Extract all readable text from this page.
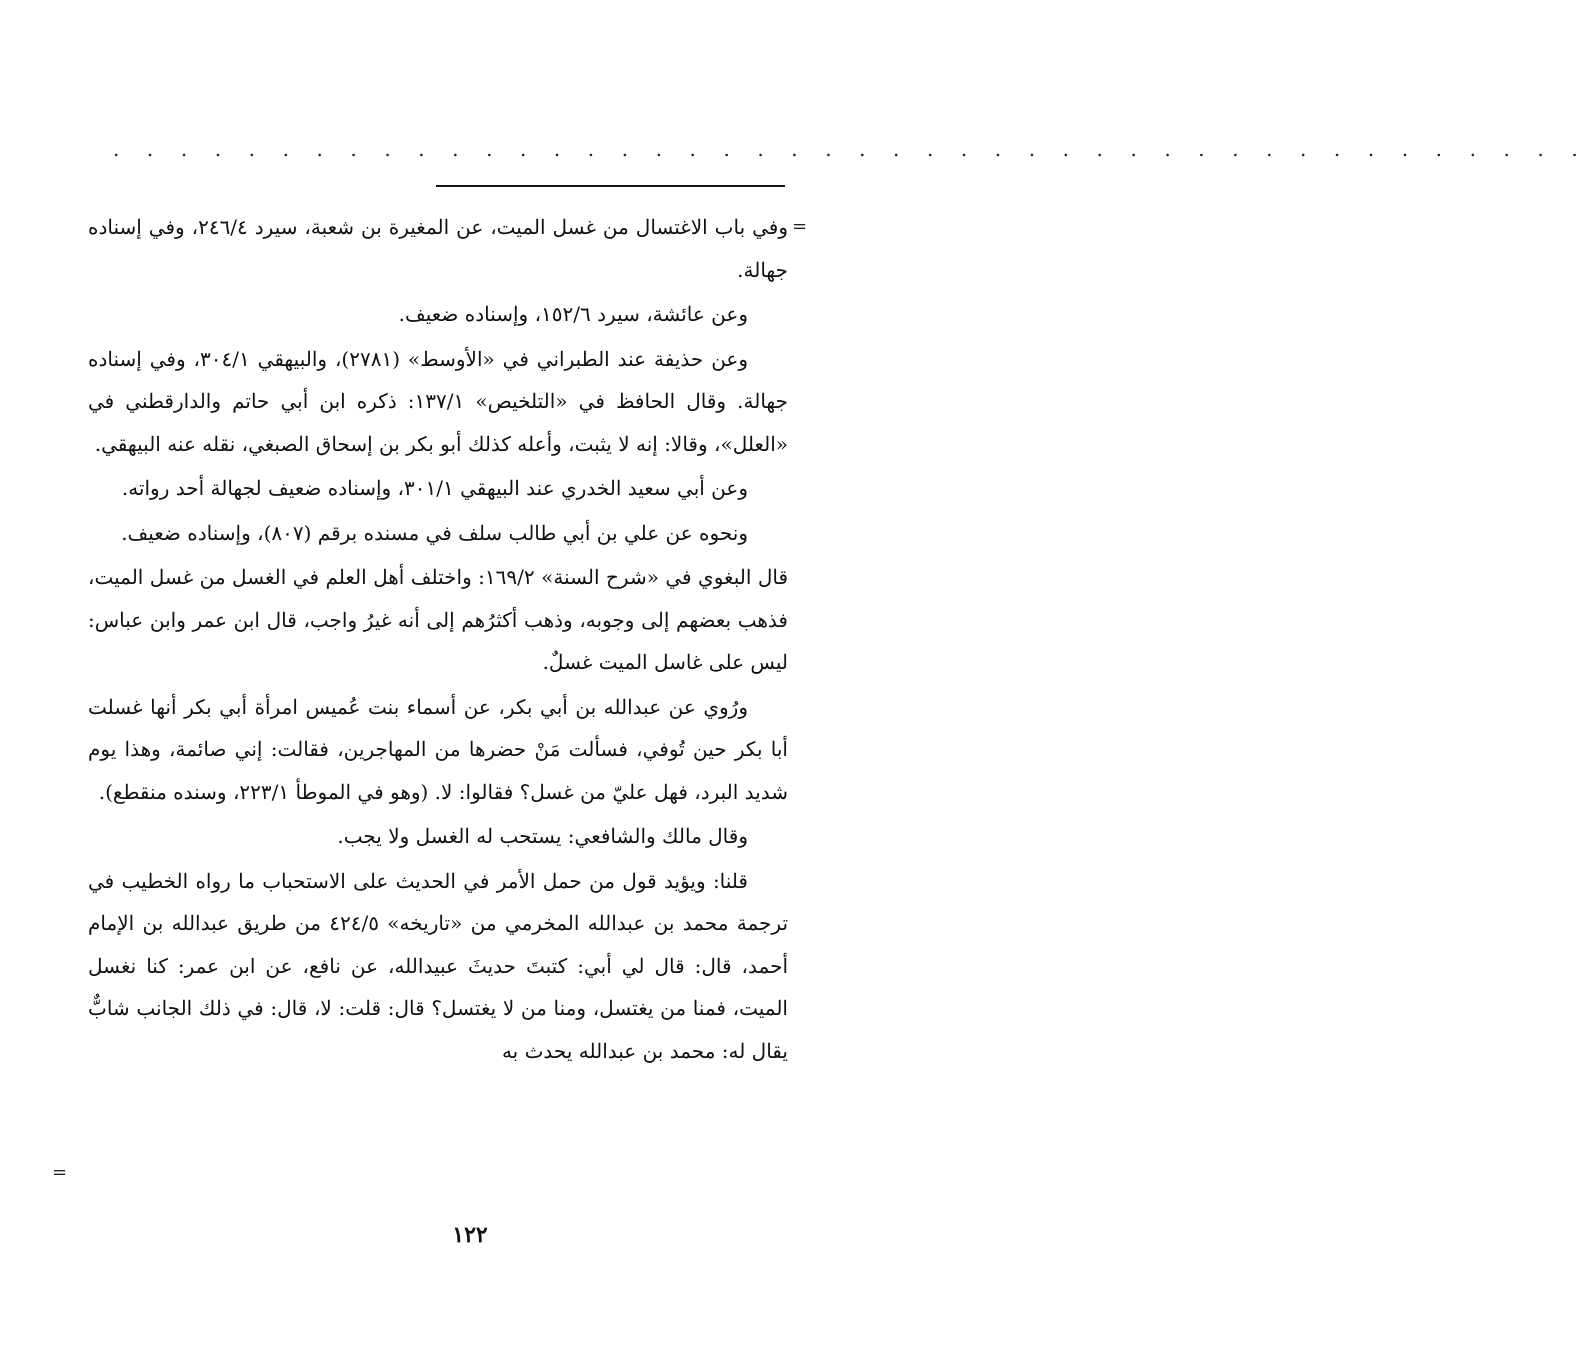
. . . . . . . . . . . . . . . . . . . . . . . . . . . . . . . . . . . . . . . . . . . .
=

وفي باب الاغتسال من غسل الميت، عن المغيرة بن شعبة، سيرد ٢٤٦/٤، وفي إسناده جهالة.

وعن عائشة، سيرد ١٥٢/٦، وإسناده ضعيف.

وعن حذيفة عند الطبراني في «الأوسط» (٢٧٨١)، والبيهقي ٣٠٤/١، وفي إسناده جهالة. وقال الحافظ في «التلخيص» ١٣٧/١: ذكره ابن أبي حاتم والدارقطني في «العلل»، وقالا: إنه لا يثبت، وأعله كذلك أبو بكر بن إسحاق الصبغي، نقله عنه البيهقي.

وعن أبي سعيد الخدري عند البيهقي ٣٠١/١، وإسناده ضعيف لجهالة أحد رواته.

ونحوه عن علي بن أبي طالب سلف في مسنده برقم (٨٠٧)، وإسناده ضعيف.

قال البغوي في «شرح السنة» ١٦٩/٢: واختلف أهل العلم في الغسل من غسل الميت، فذهب بعضهم إلى وجوبه، وذهب أكثرُهم إلى أنه غيرُ واجب، قال ابن عمر وابن عباس: ليس على غاسل الميت غسلٌ.

ورُوي عن عبدالله بن أبي بكر، عن أسماء بنت عُميس امرأة أبي بكر أنها غسلت أبا بكر حين تُوفي، فسألت مَنْ حضرها من المهاجرين، فقالت: إني صائمة، وهذا يوم شديد البرد، فهل عليّ من غسل؟ فقالوا: لا. (وهو في الموطأ ٢٢٣/١، وسنده منقطع).

وقال مالك والشافعي: يستحب له الغسل ولا يجب.

قلنا: ويؤيد قول من حمل الأمر في الحديث على الاستحباب ما رواه الخطيب في ترجمة محمد بن عبدالله المخرمي من «تاريخه» ٤٢٤/٥ من طريق عبدالله بن الإمام أحمد، قال: قال لي أبي: كتبتَ حديثَ عبيدالله، عن نافع، عن ابن عمر: كنا نغسل الميت، فمنا من يغتسل، ومنا من لا يغتسل؟ قال: قلت: لا، قال: في ذلك الجانب شابٌّ يقال له: محمد بن عبدالله يحدث به

=
١٢٢
